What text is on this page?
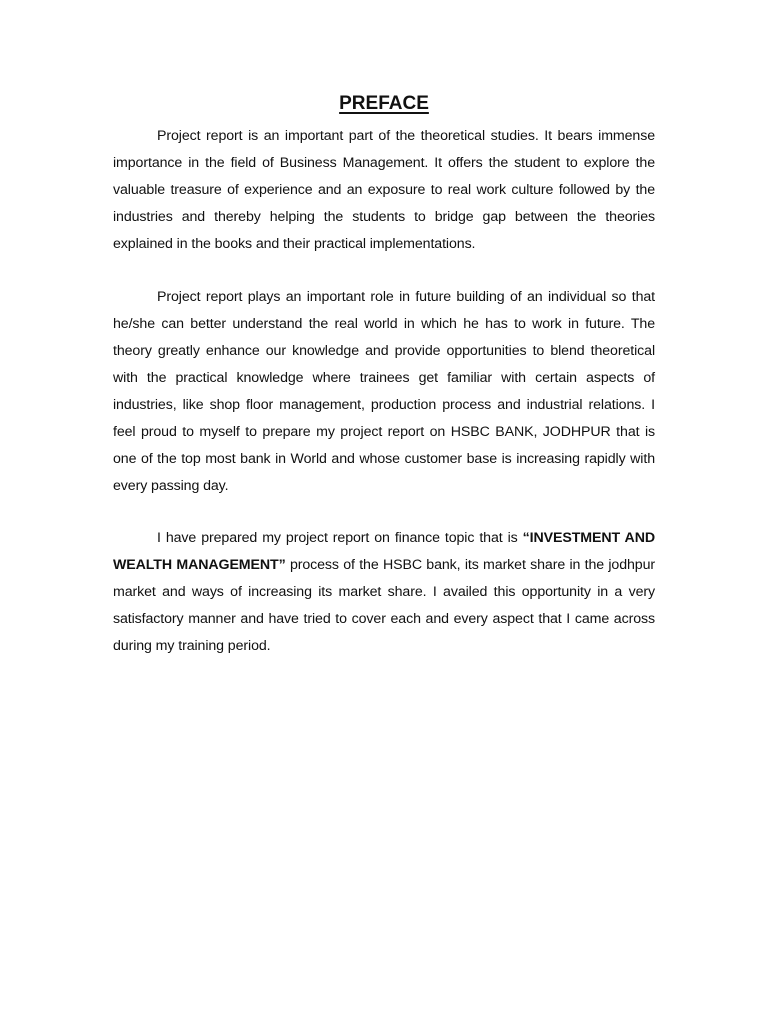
PREFACE

Project report is an important part of the theoretical studies. It bears immense importance in the field of Business Management. It offers the student to explore the valuable treasure of experience and an exposure to real work culture followed by the industries and thereby helping the students to bridge gap between the theories explained in the books and their practical implementations.

Project report plays an important role in future building of an individual so that he/she can better understand the real world in which he has to work in future. The theory greatly enhance our knowledge and provide opportunities to blend theoretical with the practical knowledge where trainees get familiar with certain aspects of industries, like shop floor management, production process and industrial relations. I feel proud to myself to prepare my project report on HSBC BANK, JODHPUR that is one of the top most bank in World and whose customer base is increasing rapidly with every passing day.

I have prepared my project report on finance topic that is “INVESTMENT AND WEALTH MANAGEMENT” process of the HSBC bank, its market share in the jodhpur market and ways of increasing its market share. I availed this opportunity in a very satisfactory manner and have tried to cover each and every aspect that I came across during my training period.
